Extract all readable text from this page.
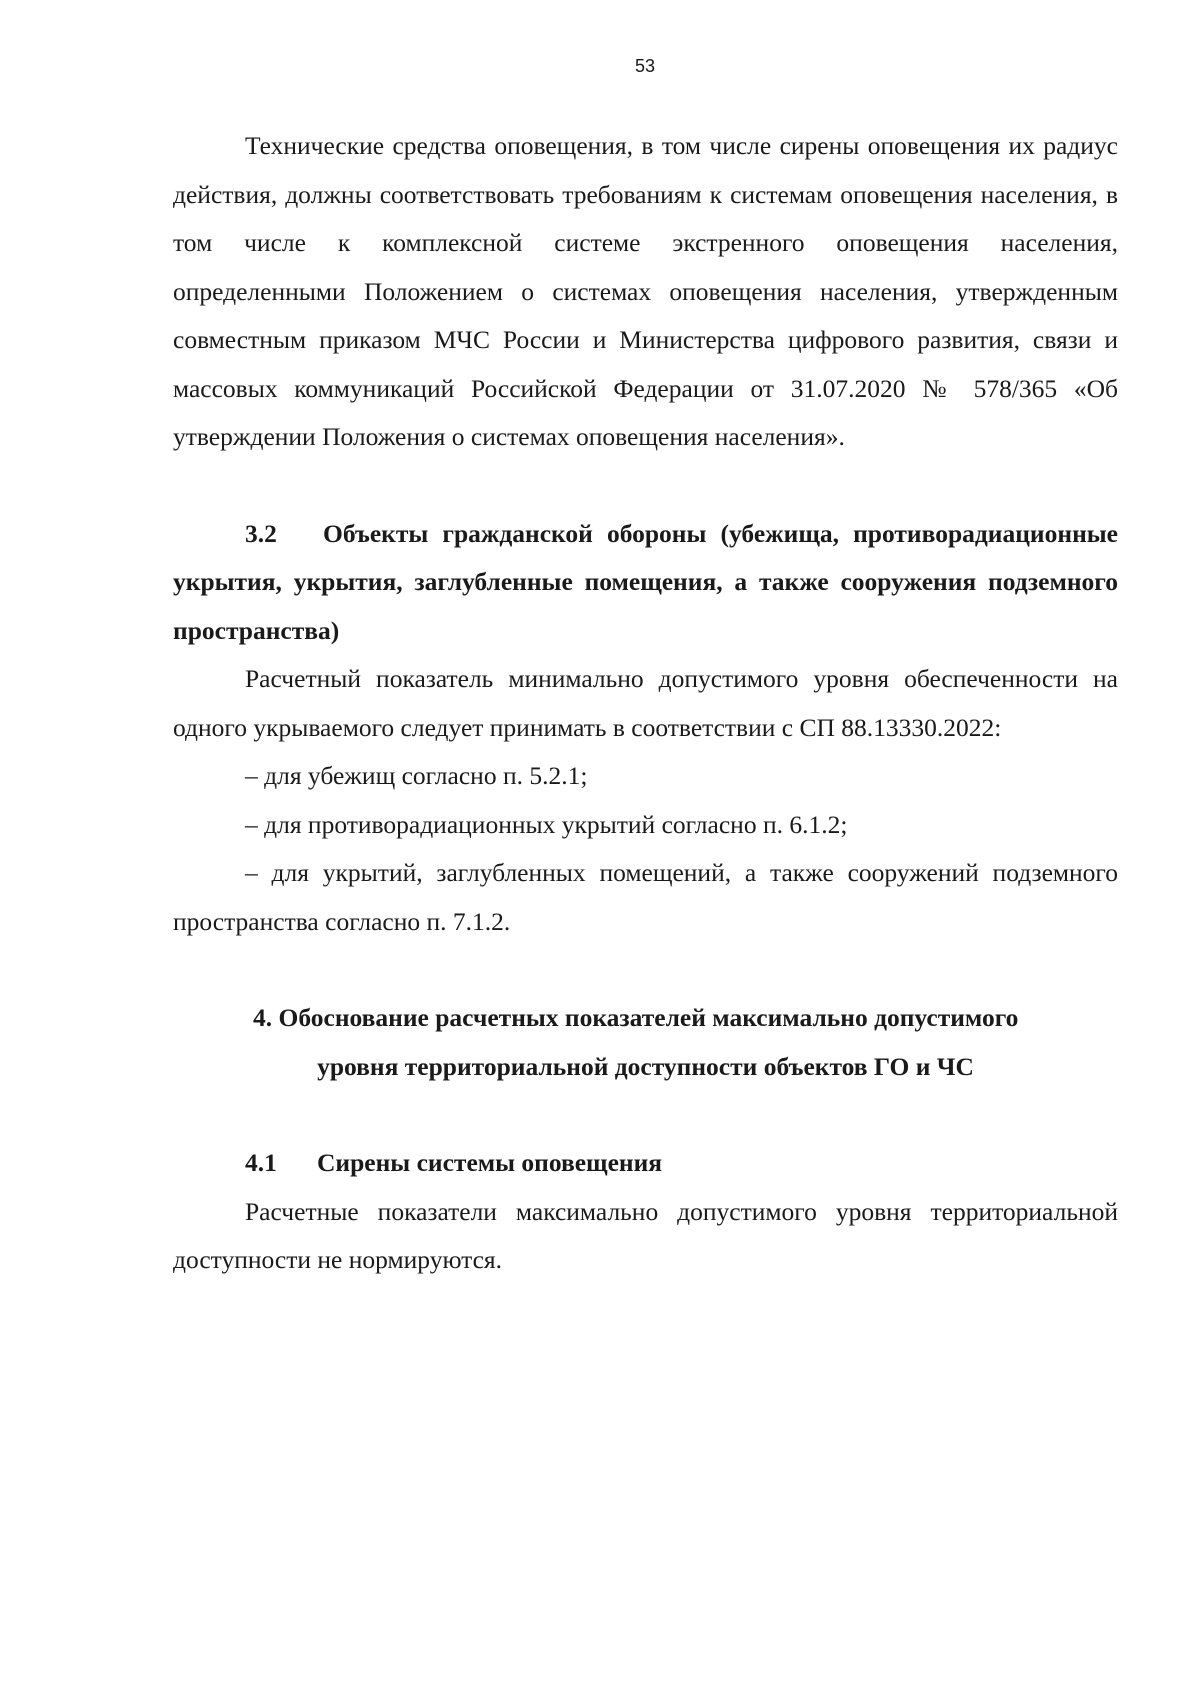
53

Технические средства оповещения, в том числе сирены оповещения их радиус действия, должны соответствовать требованиям к системам оповещения населения, в том числе к комплексной системе экстренного оповещения населения, определенными Положением о системах оповещения населения, утвержденным совместным приказом МЧС России и Министерства цифрового развития, связи и массовых коммуникаций Российской Федерации от 31.07.2020 № 578/365 «Об утверждении Положения о системах оповещения населения».

3.2 Объекты гражданской обороны (убежища, противорадиационные укрытия, укрытия, заглубленные помещения, а также сооружения подземного пространства)

Расчетный показатель минимально допустимого уровня обеспеченности на одного укрываемого следует принимать в соответствии с СП 88.13330.2022:

– для убежищ согласно п. 5.2.1;

– для противорадиационных укрытий согласно п. 6.1.2;

– для укрытий, заглубленных помещений, а также сооружений подземного пространства согласно п. 7.1.2.

4. Обоснование расчетных показателей максимально допустимого
уровня территориальной доступности объектов ГО и ЧС
4.1 Сирены системы оповещения

Расчетные показатели максимально допустимого уровня территориальной доступности не нормируются.
